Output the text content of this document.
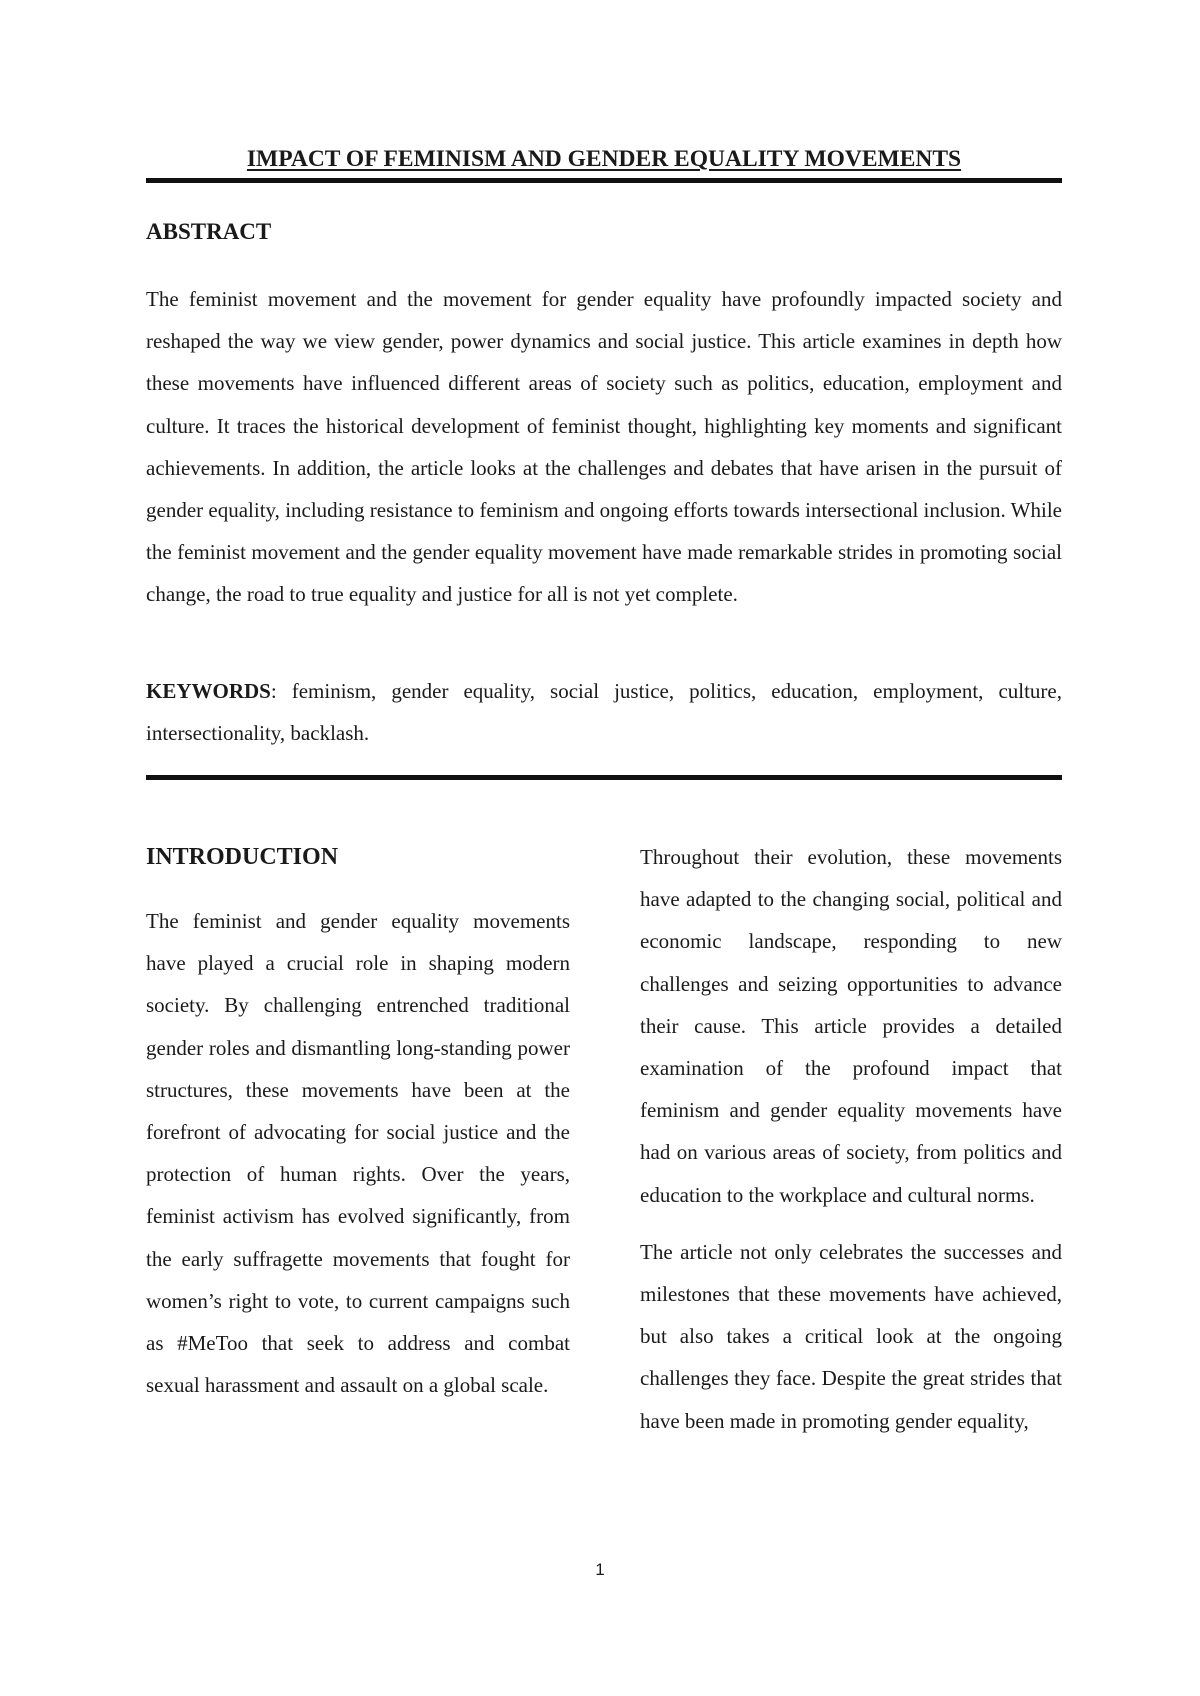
IMPACT OF FEMINISM AND GENDER EQUALITY MOVEMENTS
ABSTRACT
The feminist movement and the movement for gender equality have profoundly impacted society and reshaped the way we view gender, power dynamics and social justice. This article examines in depth how these movements have influenced different areas of society such as politics, education, employment and culture. It traces the historical development of feminist thought, highlighting key moments and significant achievements. In addition, the article looks at the challenges and debates that have arisen in the pursuit of gender equality, including resistance to feminism and ongoing efforts towards intersectional inclusion. While the feminist movement and the gender equality movement have made remarkable strides in promoting social change, the road to true equality and justice for all is not yet complete.
KEYWORDS: feminism, gender equality, social justice, politics, education, employment, culture, intersectionality, backlash.
INTRODUCTION

The feminist and gender equality movements have played a crucial role in shaping modern society. By challenging entrenched traditional gender roles and dismantling long-standing power structures, these movements have been at the forefront of advocating for social justice and the protection of human rights. Over the years, feminist activism has evolved significantly, from the early suffragette movements that fought for women’s right to vote, to current campaigns such as #MeToo that seek to address and combat sexual harassment and assault on a global scale.

Throughout their evolution, these movements have adapted to the changing social, political and economic landscape, responding to new challenges and seizing opportunities to advance their cause. This article provides a detailed examination of the profound impact that feminism and gender equality movements have had on various areas of society, from politics and education to the workplace and cultural norms.

The article not only celebrates the successes and milestones that these movements have achieved, but also takes a critical look at the ongoing challenges they face. Despite the great strides that have been made in promoting gender equality,

1
